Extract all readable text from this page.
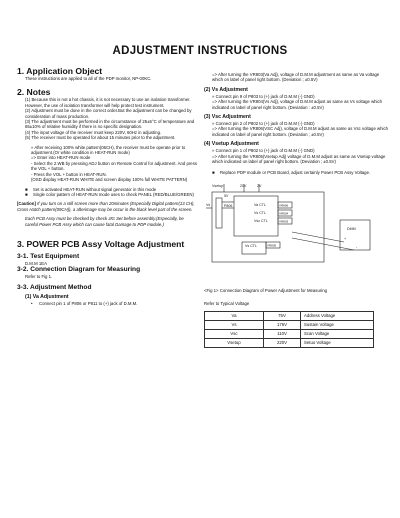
ADJUSTMENT INSTRUCTIONS
1. Application Object

These instructions are applied to all of the PDP monitor, NP-00KC.

2. Notes

(1) Because this is not a hot chassis, it is not necessary to use an isolation transformer. However, the use of isolation transformer will help protect test instrument.

(2) Adjustment must be done in the correct order.But the adjustment can be changed by consideration of mass production.

(3) The adjustment must be performed in the circumstance of 25±5°C of temperature and 65±10% of relative humidity if there is no specific designation.

(4) The input voltage of the receiver must keep 220V, 60Hz in adjusting.

(5) The receiver must be operated for about 15 minutes prior to the adjustment.

» After receiving 100% white pattern(06CH), the receiver must be operate prior to adjustment.(Or white condition in HEAT-RUN mode)

=> Enter into HEAT-RUN mode

- Select the 2.WB by pressing ADJ button on Remote Control for adjustment. And press the VOL + button.

- Press the VOL + button in HEAT-RUN.

(OSD display HEAT-RUN WHITE and screen display 100% full WHITE PATTERN)

■	Set is activated HEAT-RUN without signal generator in this mode
■	Single color pattern of HEAT-RUN mode uses to check PANEL (RED/BLUE/GREEN)

[Caution] If you turn on a still screen more than 20minutes (Especially Digital pattern(13 CH), Cross Hatch pattern(09CH)), a afterimage may be occur in the black level part of the screen.

Each PCB Assy must be checked by check JIG Set before assembly.(Especially, be careful Power PCB Assy which can cause fatal Damage to PDP module.)

3. POWER PCB Assy Voltage Adjustment
3-1. Test Equipment

D.M.M 1EA

3-2. Connection Diagram for Measuring

Refer to Fig 1.

3-3. Adjustment Method
(1) Va Adjustment
•	Connect pin 1 of P806 or P811 to (+) jack of D.M.M.

=> After turning the VR803(Va Adj), voltage of D.M.M adjustment as same as Va voltage which on label of panel right bottom. (Deviation ; ±0.5V)

(2) Vs Adjustment

» Connect pin 9 of P803 to (+) jack of D.M.M (-) GND)

=> After turning the VR804(Vs Adj), voltage of D.M.M adjust as same as Vs voltage which indicated on label of panel right bottom. (Deviation : ±0.5V)

(3) Vsc Adjustment

» Connect pin 2 of P802 to (+) jack of D.M.M (-) GND)

=> After turning the VR806(VSC Adj), voltage of D.M.M adjust as same as Vsc voltage which indicated on label of panel right bottom. (Deviation ; ±0.5V)

(4) Vsetup Adjustment

» Connect pin 1 of P802 to (+) jack of D.M.M (-) GND)

=> After turning the VR805(Vsetup Adj) voltage of D.M.M adjust as same as Vsetup voltage which indicated on label of panel right bottom. (Deviation ; ±0.5V)

■	Replace PDP module or PCB Board, adjust certainly Power PCB Assy Voltage.
Vsetup	20V	2V
5V
Vs	P806	Va CTL
Vs CTL
Vsc CTL
VR806
VR804
VR803
Vs CTL	VR805
DMM
+
-

<Fig 1> Connection Diagram of Power Adjustment for Measuring

Refer to Typical Voltage

Va	75V	Address Voltage
Vs	176V	Sustain Voltage
Vsc	110V	Scan Voltage
Vsetup	220V	Setuo Voltage
